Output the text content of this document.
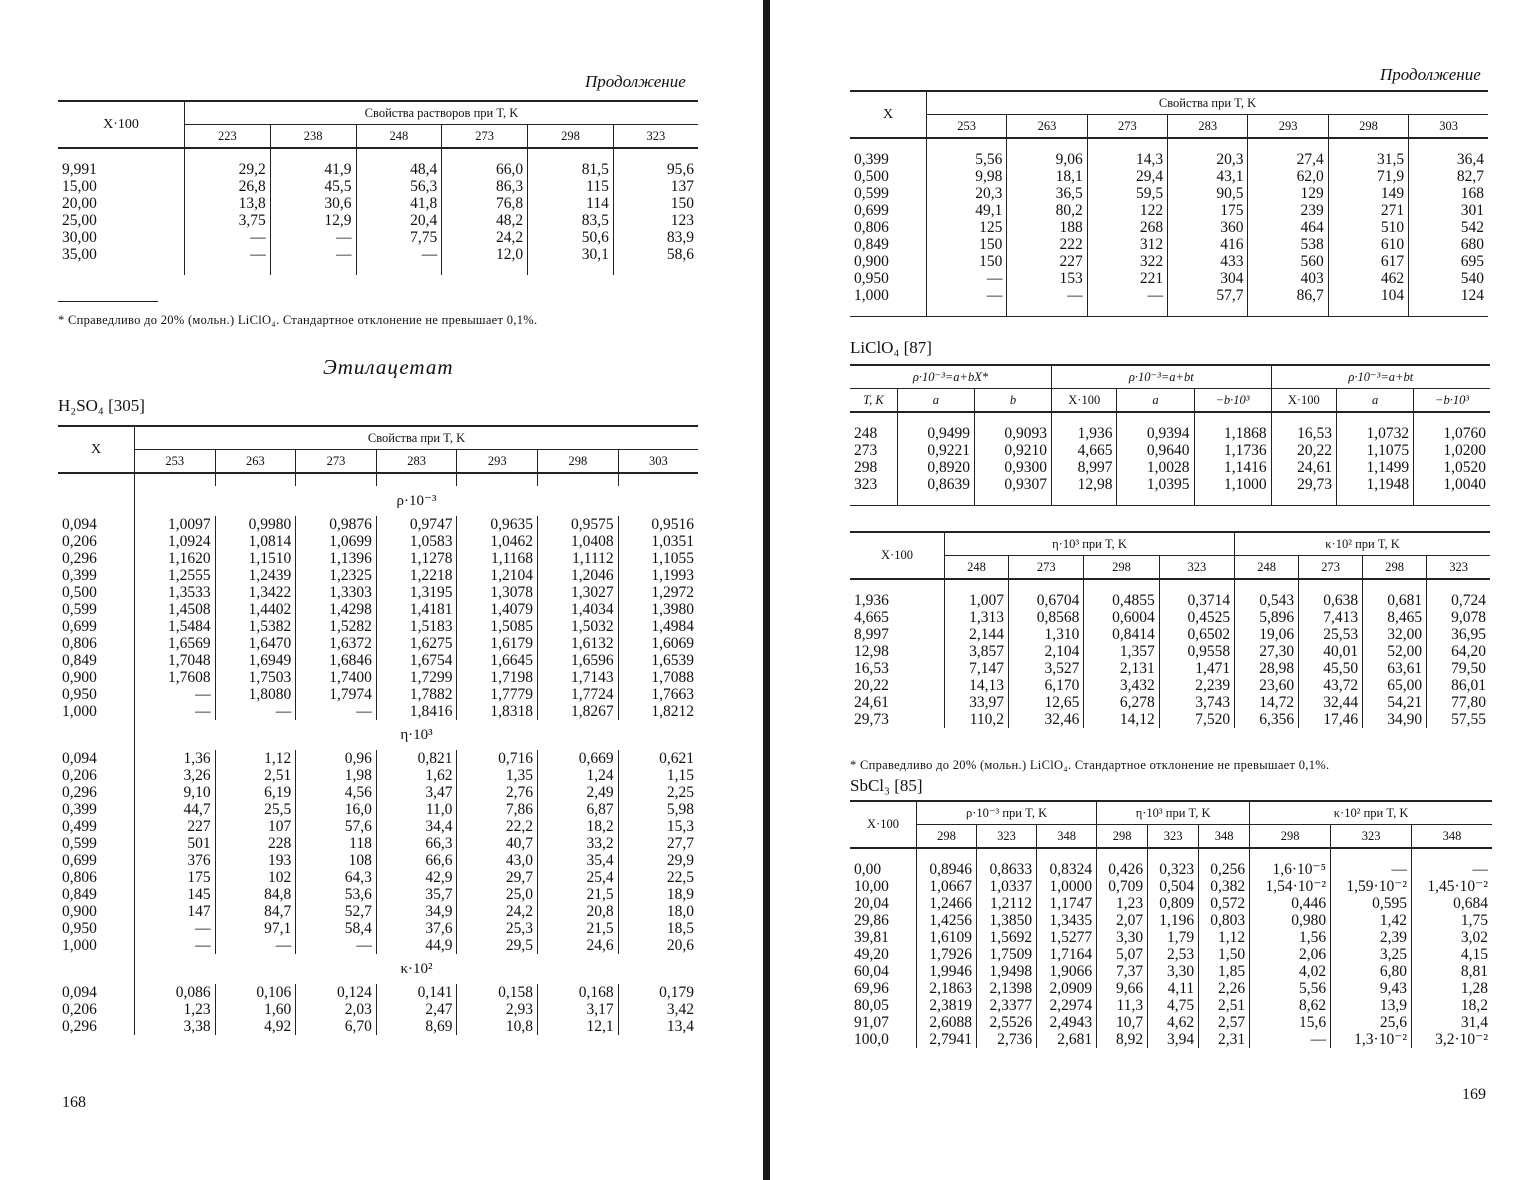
Продолжение
X·100	Свойства растворов при T, K					
	223	238	248	273	298	323

9,991	29,2	41,9	48,4	66,0	81,5	95,6
15,00	26,8	45,5	56,3	86,3	115	137
20,00	13,8	30,6	41,8	76,8	114	150
25,00	3,75	12,9	20,4	48,2	83,5	123
30,00	—	—	7,75	24,2	50,6	83,9
35,00	—	—	—	12,0	30,1	58,6

* Справедливо до 20% (мольн.) LiClO₄. Стандартное отклонение не превышает 0,1%.
Этилацетат
H₂SO₄ [305]
X	Свойства при T, K						
	253	263	273	283	293	298	303

	ρ·10⁻³						
0,094	1,0097	0,9980	0,9876	0,9747	0,9635	0,9575	0,9516
0,206	1,0924	1,0814	1,0699	1,0583	1,0462	1,0408	1,0351
0,296	1,1620	1,1510	1,1396	1,1278	1,1168	1,1112	1,1055
0,399	1,2555	1,2439	1,2325	1,2218	1,2104	1,2046	1,1993
0,500	1,3533	1,3422	1,3303	1,3195	1,3078	1,3027	1,2972
0,599	1,4508	1,4402	1,4298	1,4181	1,4079	1,4034	1,3980
0,699	1,5484	1,5382	1,5282	1,5183	1,5085	1,5032	1,4984
0,806	1,6569	1,6470	1,6372	1,6275	1,6179	1,6132	1,6069
0,849	1,7048	1,6949	1,6846	1,6754	1,6645	1,6596	1,6539
0,900	1,7608	1,7503	1,7400	1,7299	1,7198	1,7143	1,7088
0,950	—	1,8080	1,7974	1,7882	1,7779	1,7724	1,7663
1,000	—	—	—	1,8416	1,8318	1,8267	1,8212
	η·10³						
0,094	1,36	1,12	0,96	0,821	0,716	0,669	0,621
0,206	3,26	2,51	1,98	1,62	1,35	1,24	1,15
0,296	9,10	6,19	4,56	3,47	2,76	2,49	2,25
0,399	44,7	25,5	16,0	11,0	7,86	6,87	5,98
0,499	227	107	57,6	34,4	22,2	18,2	15,3
0,599	501	228	118	66,3	40,7	33,2	27,7
0,699	376	193	108	66,6	43,0	35,4	29,9
0,806	175	102	64,3	42,9	29,7	25,4	22,5
0,849	145	84,8	53,6	35,7	25,0	21,5	18,9
0,900	147	84,7	52,7	34,9	24,2	20,8	18,0
0,950	—	97,1	58,4	37,6	25,3	21,5	18,5
1,000	—	—	—	44,9	29,5	24,6	20,6
	κ·10²						
0,094	0,086	0,106	0,124	0,141	0,158	0,168	0,179
0,206	1,23	1,60	2,03	2,47	2,93	3,17	3,42
0,296	3,38	4,92	6,70	8,69	10,8	12,1	13,4
168
Продолжение
X	Свойства при T, K						
	253	263	273	283	293	298	303

0,399	5,56	9,06	14,3	20,3	27,4	31,5	36,4
0,500	9,98	18,1	29,4	43,1	62,0	71,9	82,7
0,599	20,3	36,5	59,5	90,5	129	149	168
0,699	49,1	80,2	122	175	239	271	301
0,806	125	188	268	360	464	510	542
0,849	150	222	312	416	538	610	680
0,900	150	227	322	433	560	617	695
0,950	—	153	221	304	403	462	540
1,000	—	—	—	57,7	86,7	104	124

LiClO₄ [87]
ρ·10⁻³=a+bX*			ρ·10⁻³=a+bt			ρ·10⁻³=a+bt		
T, K	a	b	X·100	a	−b·10³	X·100	a	−b·10³

248	0,9499	0,9093	1,936	0,9394	1,1868	16,53	1,0732	1,0760
273	0,9221	0,9210	4,665	0,9640	1,1736	20,22	1,1075	1,0200
298	0,8920	0,9300	8,997	1,0028	1,1416	24,61	1,1499	1,0520
323	0,8639	0,9307	12,98	1,0395	1,1000	29,73	1,1948	1,0040

X·100	η·10³ при T, K				κ·10² при T, K			
	248	273	298	323	248	273	298	323

1,936	1,007	0,6704	0,4855	0,3714	0,543	0,638	0,681	0,724
4,665	1,313	0,8568	0,6004	0,4525	5,896	7,413	8,465	9,078
8,997	2,144	1,310	0,8414	0,6502	19,06	25,53	32,00	36,95
12,98	3,857	2,104	1,357	0,9558	27,30	40,01	52,00	64,20
16,53	7,147	3,527	2,131	1,471	28,98	45,50	63,61	79,50
20,22	14,13	6,170	3,432	2,239	23,60	43,72	65,00	86,01
24,61	33,97	12,65	6,278	3,743	14,72	32,44	54,21	77,80
29,73	110,2	32,46	14,12	7,520	6,356	17,46	34,90	57,55
* Справедливо до 20% (мольн.) LiClO₄. Стандартное отклонение не превышает 0,1%.
SbCl₃ [85]
X·100	ρ·10⁻³ при T, K			η·10³ при T, K			κ·10² при T, K		
	298	323	348	298	323	348	298	323	348

0,00	0,8946	0,8633	0,8324	0,426	0,323	0,256	1,6·10⁻⁵	—	—
10,00	1,0667	1,0337	1,0000	0,709	0,504	0,382	1,54·10⁻²	1,59·10⁻²	1,45·10⁻²
20,04	1,2466	1,2112	1,1747	1,23	0,809	0,572	0,446	0,595	0,684
29,86	1,4256	1,3850	1,3435	2,07	1,196	0,803	0,980	1,42	1,75
39,81	1,6109	1,5692	1,5277	3,30	1,79	1,12	1,56	2,39	3,02
49,20	1,7926	1,7509	1,7164	5,07	2,53	1,50	2,06	3,25	4,15
60,04	1,9946	1,9498	1,9066	7,37	3,30	1,85	4,02	6,80	8,81
69,96	2,1863	2,1398	2,0909	9,66	4,11	2,26	5,56	9,43	1,28
80,05	2,3819	2,3377	2,2974	11,3	4,75	2,51	8,62	13,9	18,2
91,07	2,6088	2,5526	2,4943	10,7	4,62	2,57	15,6	25,6	31,4
100,0	2,7941	2,736	2,681	8,92	3,94	2,31	—	1,3·10⁻²	3,2·10⁻²
169
